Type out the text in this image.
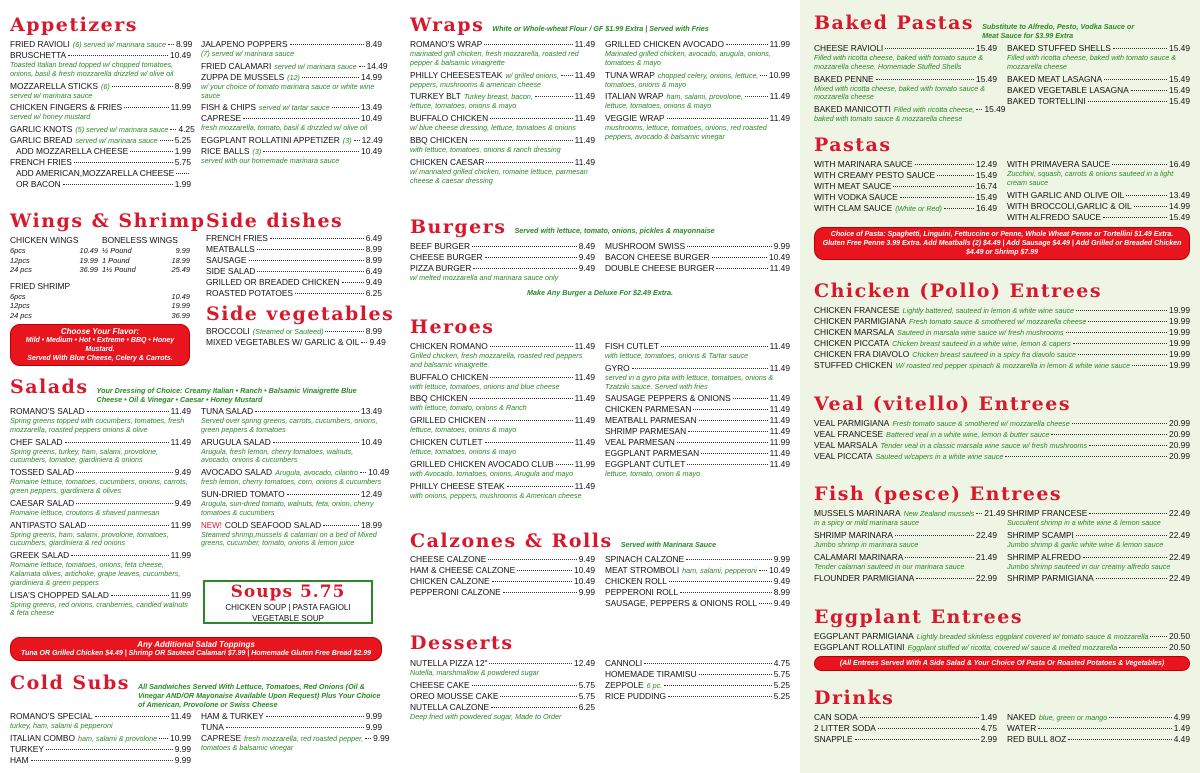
Appetizers
FRIED RAVIOLI (6) served w/ marinara sauce 8.99
BRUSCHETTA	10.49
Toasted Italian bread topped w/ chopped tomatoes, onions, basil & fresh mozzarella drizzled w/ olive oil
MOZZARELLA STICKS (6)	8.99
served w/ marinara sauce
CHICKEN FINGERS & FRIES	11.99
served w/ honey mustard
GARLIC KNOTS (5) served w/ marinara sauce 4.25
GARLIC BREAD served w/ marinara sauce 5.25
ADD MOZZARELLA CHEESE	1.99
FRENCH FRIES	5.75
ADD AMERICAN,MOZZARELLA CHEESE
OR BACON	1.99
JALAPENO POPPERS	8.49
(7) served w/ marinara sauce
FRIED CALAMARI served w/ marinara sauce 14.49
ZUPPA DE MUSSELS (12)	14.99
w/ your choice of tomato marinara sauce or white wine sauce
FISH & CHIPS served w/ tartar sauce	13.49
CAPRESE	10.49
fresh mozzarella, tomato, basil & drizzled w/ olive oil
EGGPLANT ROLLATINI APPETIZER (3) 12.49
RICE BALLS (3)	10.49
served with our homemade marinara sauce
Wings & Shrimp
CHICKEN WINGS
6pcs	10.49
12pcs	19.99
24 pcs	36.99
BONELESS WINGS
½ Pound	9.99
1 Pound	18.99
1½ Pound	25.49
FRIED SHRIMP
6pcs	10.49
12pcs	19.99
24 pcs	36.99
Choose Your Flavor:
Mild • Medium • Hot • Extreme • BBQ • Honey Mustard.
Served With Blue Cheese, Celery & Carrots.
Side dishes
FRENCH FRIES	6.49
MEATBALLS	8.99
SAUSAGE	8.99
SIDE SALAD	6.49
GRILLED OR BREADED CHICKEN	9.49
ROASTED POTATOES	6.25
Side vegetables
BROCCOLI (Steamed or Sauteed)	8.99
MIXED VEGETABLES W/ GARLIC & OIL 9.49
Salads Your Dressing of Choice: Creamy Italian • Ranch • Balsamic Vinaigrette Blue Cheese • Oil & Vinegar • Caesar • Honey Mustard
ROMANO'S SALAD	11.49
Spring greens topped with cucumbers, tomatoes, fresh mozzarella, roasted peppers onions & olive
CHEF SALAD	11.49
Spring greens, turkey, ham, salami, provolone, cucumbers, tomatoe, giardiniera & onions
TOSSED SALAD	9.49
Romaine lettuce, tomatoes, cucumbers, onions, carrots, green peppers, giardiniera & olives
CAESAR SALAD	9.49
Romaine lettuce, croutons & shaved parmesan
ANTIPASTO SALAD	11.99
Spring greens, ham, salami, provolone, tomatoes, cucumbers, giardiniera & red onions
GREEK SALAD	11.99
Romaine lettuce, tomatoes, onions, feta cheese, Kalamata olives, artichoke, grape leaves, cucumbers, giardiniera & green peppers
LISA'S CHOPPED SALAD	11.99
Spring greens, red onions, cranberries, candied walnuts & feta cheese
TUNA SALAD	13.49
Served over spring greens, carrots, cucumbers, onions, green peppers & tomatoes
ARUGULA SALAD	10.49
Arugula, fresh lemon, cherry tomatoes, walnuts, avocado, onions & cucumbers
AVOCADO SALAD Arugula, avocado, cilantro 10.49
fresh lemon, cherry tomatoes, corn, onions & cucumbers
SUN-DRIED TOMATO	12.49
Arugula, sun-dried tomato, walnuts, feta, onion, cherry tomatoes & cucumbers
NEW! COLD SEAFOOD SALAD	18.99
Steamed shrimp,mussels & calamari on a bed of Mixed greens, cucumber, tomato, onions & lemon juice
Soups 5.75
CHICKEN SOUP | PASTA FAGIOLI
VEGETABLE SOUP
Any Additional Salad Toppings
Tuna OR Grilled Chicken $4.49 | Shrimp OR Sauteed Calamari $7.99 | Homemade Gluten Free Bread $2.99
Cold Subs All Sandwiches Served With Lettuce, Tomatoes, Red Onions (Oil & Vinegar AND/OR Mayonaise Available Upon Request) Plus Your Choice of American, Provolone or Swiss Cheese
ROMANO'S SPECIAL	11.49
turkey, ham, salami & pepperoni
ITALIAN COMBO ham, salami & provolone 10.99
TURKEY	9.99
HAM	9.99
HAM & TURKEY	9.99
TUNA	9.99
CAPRESE fresh mozzarella, red roasted pepper, 9.99
tomatoes & balsamic vinegar
Wraps White or Whole-wheat Flour / GF $1.99 Extra | Served with Fries
ROMANO'S WRAP	11.49
marinated grill chicken, fresh mozzarella, roasted red pepper & balsamic vinaigrette
PHILLY CHEESESTEAK w/ grilled onions, 11.49
peppers, mushrooms & american cheese
TURKEY BLT Turkey breast, bacon,	11.49
lettuce, tomatoes, onions & mayo
BUFFALO CHICKEN	11.49
w/ blue cheese dressing, lettuce, tomatoes & onions
BBQ CHICKEN	11.49
with lettuce, tomatoes, onions & ranch dressing
CHICKEN CAESAR	11.49
w/ marinated grilled chicken, romaine lettuce, parmesan cheese & caesar dressing
GRILLED CHICKEN AVOCADO	11.99
Marinated grilled chicken, avocado, arugula, onions, tomatoes & mayo
TUNA WRAP chopped celery, onions, lettuce, 10.99
tomatoes, onions & mayo
ITALIAN WRAP ham, salami, provolone,	11.49
lettuce, tomatoes, onions & mayo
VEGGIE WRAP	11.49
mushrooms, lettuce, tomatoes, onions, red roasted peppers, avocado & balsamic vinegar
Burgers Served with lettuce, tomato, onions, pickles & mayonnaise
BEEF BURGER	8.49
CHEESE BURGER	9.49
PIZZA BURGER	9.49
w/ melted mozzarella and marinara sauce only
MUSHROOM SWISS	9.99
BACON CHEESE BURGER	10.49
DOUBLE CHEESE BURGER	11.49
Make Any Burger a Deluxe For $2.49 Extra.
Heroes
CHICKEN ROMANO	11.49
Grilled chicken, fresh mozzarella, roasted red peppers and balsamic vinaigrette.
BUFFALO CHICKEN	11.49
with lettuce, tomatoes, onions and blue cheese
BBQ CHICKEN	11.49
with lettuce, tomato, onions & Ranch
GRILLED CHICKEN	11.49
lettuce, tomatoes, onions & mayo
CHICKEN CUTLET	11.49
lettuce, tomatoes, onions & mayo
GRILLED CHICKEN AVOCADO CLUB	11.99
with Avocado, tomatoes, onions, Arugula and mayo
PHILLY CHEESE STEAK	11.49
with onions, peppers, mushrooms & American cheese
FISH CUTLET	11.49
with lettuce, tomatoes, onions & Tartar sauce
GYRO	11.49
served in a gyro pita with lettuce, tomatoes, onions & Tzatziki sauce. Served with fries
SAUSAGE PEPPERS & ONIONS	11.49
CHICKEN PARMESAN	11.49
MEATBALL PARMESAN	11.49
SHRIMP PARMESAN	11.49
VEAL PARMESAN	11.99
EGGPLANT PARMESAN	11.49
EGGPLANT CUTLET	11.49
lettuce, tomato, onion & mayo
Calzones & Rolls Served with Marinara Sauce
CHEESE CALZONE	9.49
HAM & CHEESE CALZONE	10.49
CHICKEN CALZONE	10.49
PEPPERONI CALZONE	9.99
SPINACH CALZONE	9.99
MEAT STROMBOLI ham, salami, pepperoni 10.49
CHICKEN ROLL	9.49
PEPPERONI ROLL	8.99
SAUSAGE, PEPPERS & ONIONS ROLL 9.49
Desserts
NUTELLA PIZZA 12"	12.49
Nutella, marshmallow & powdered sugar
CHEESE CAKE	5.75
OREO MOUSSE CAKE	5.75
NUTELLA CALZONE	6.25
Deep fried with powdered sugar, Made to Order
CANNOLI	4.75
HOMEMADE TIRAMISU	5.75
ZEPPOLE 6 pc.	5.25
RICE PUDDING	5.25
Baked Pastas Substitute to Alfredo, Pesto, Vodka Sauce or Meat Sauce for $3.99 Extra
CHEESE RAVIOLI	15.49
Filled with ricotta cheese, baked with tomato sauce & mozzarella cheese. Homemade Stuffed Shells
BAKED PENNE	15.49
Mixed with ricotta cheese, baked with tomato sauce & mozzarella cheese
BAKED MANICOTTI Filled with ricotta cheese, 15.49
baked with tomato sauce & mozzarella cheese
BAKED STUFFED SHELLS	15.49
Filled with ricotta cheese, baked with tomato sauce & mozzarella cheese
BAKED MEAT LASAGNA	15.49
BAKED VEGETABLE LASAGNA	15.49
BAKED TORTELLINI	15.49
Pastas
WITH MARINARA SAUCE	12.49
WITH CREAMY PESTO SAUCE	15.49
WITH MEAT SAUCE	16.74
WITH VODKA SAUCE	15.49
WITH CLAM SAUCE (White or Red)	16.49
WITH PRIMAVERA SAUCE	16.49
Zucchini, squash, carrots & onions sauteed in a light cream sauce
WITH GARLIC AND OLIVE OIL	13.49
WITH BROCCOLI,GARLIC & OIL	14.99
WITH ALFREDO SAUCE	15.49
Choice of Pasta: Spaghetti, Linguini, Fettuccine or Penne, Whole Wheat Penne or Tortellini $1.49 Extra. Gluten Free Penne 3.99 Extra. Add Meatballs (2) $4.49 | Add Sausage $4.49 | Add Grilled or Breaded Chicken $4.49 or Shrimp $7.99
Chicken (Pollo) Entrees
CHICKEN FRANCESE Lightly battered, sauteed in lemon & white wine sauce	19.99
CHICKEN PARMIGIANA Fresh tomato sauce & smothered w/ mozzarella cheese	19.99
CHICKEN MARSALA Sauteed in marsala wine sauce w/ fresh mushrooms	19.99
CHICKEN PICCATA Chicken breast sauteed in a white wine, lemon & capers	19.99
CHICKEN FRA DIAVOLO Chicken breast sauteed in a spicy fra diavolo sauce	19.99
STUFFED CHICKEN W/ roasted red pepper spinach & mozzarella in lemon & white wine sauce	19.99
Veal (vitello) Entrees
VEAL PARMIGIANA Fresh tomato sauce & smothered w/ mozzarella cheese	20.99
VEAL FRANCESE Battered veal in a white wine, lemon & butter sauce	20.99
VEAL MARSALA Tender veal in a classic marsala wine sauce w/ fresh mushrooms	20.99
VEAL PICCATA Sauteed w/capers in a white wine sauce	20.99
Fish (pesce) Entrees
MUSSELS MARINARA New Zealand mussels 21.49
in a spicy or mild marinara sauce
SHRIMP MARINARA	22.49
Jumbo shrimp in marinara sauce
CALAMARI MARINARA	21.49
Tender calamari sauteed in our marinara sauce
FLOUNDER PARMIGIANA	22.99
SHRIMP FRANCESE	22.49
Succulent shrimp in a white wine & lemon sauce
SHRIMP SCAMPI	22.49
Jumbo shrimp & garlic white wine & lemon sauce
SHRIMP ALFREDO	22.49
Jumbo shrimp sauteed in our creamy alfredo sauce
SHRIMP PARMIGIANA	22.49
Eggplant Entrees
EGGPLANT PARMIGIANA Lightly breaded skinless eggplant covered w/ tomato sauce & mozzarella 20.50
EGGPLANT ROLLATINI Eggplant stuffed w/ ricotta, covered w/ sauce & melted mozzarella	20.50
(All Entrees Served With A Side Salad & Your Choice Of Pasta Or Roasted Potatoes & Vegetables)
Drinks
CAN SODA	1.49
2 LITTER SODA	4.75
SNAPPLE	2.99
NAKED blue, green or mango	4.99
WATER	1.49
RED BULL 8OZ	4.49
